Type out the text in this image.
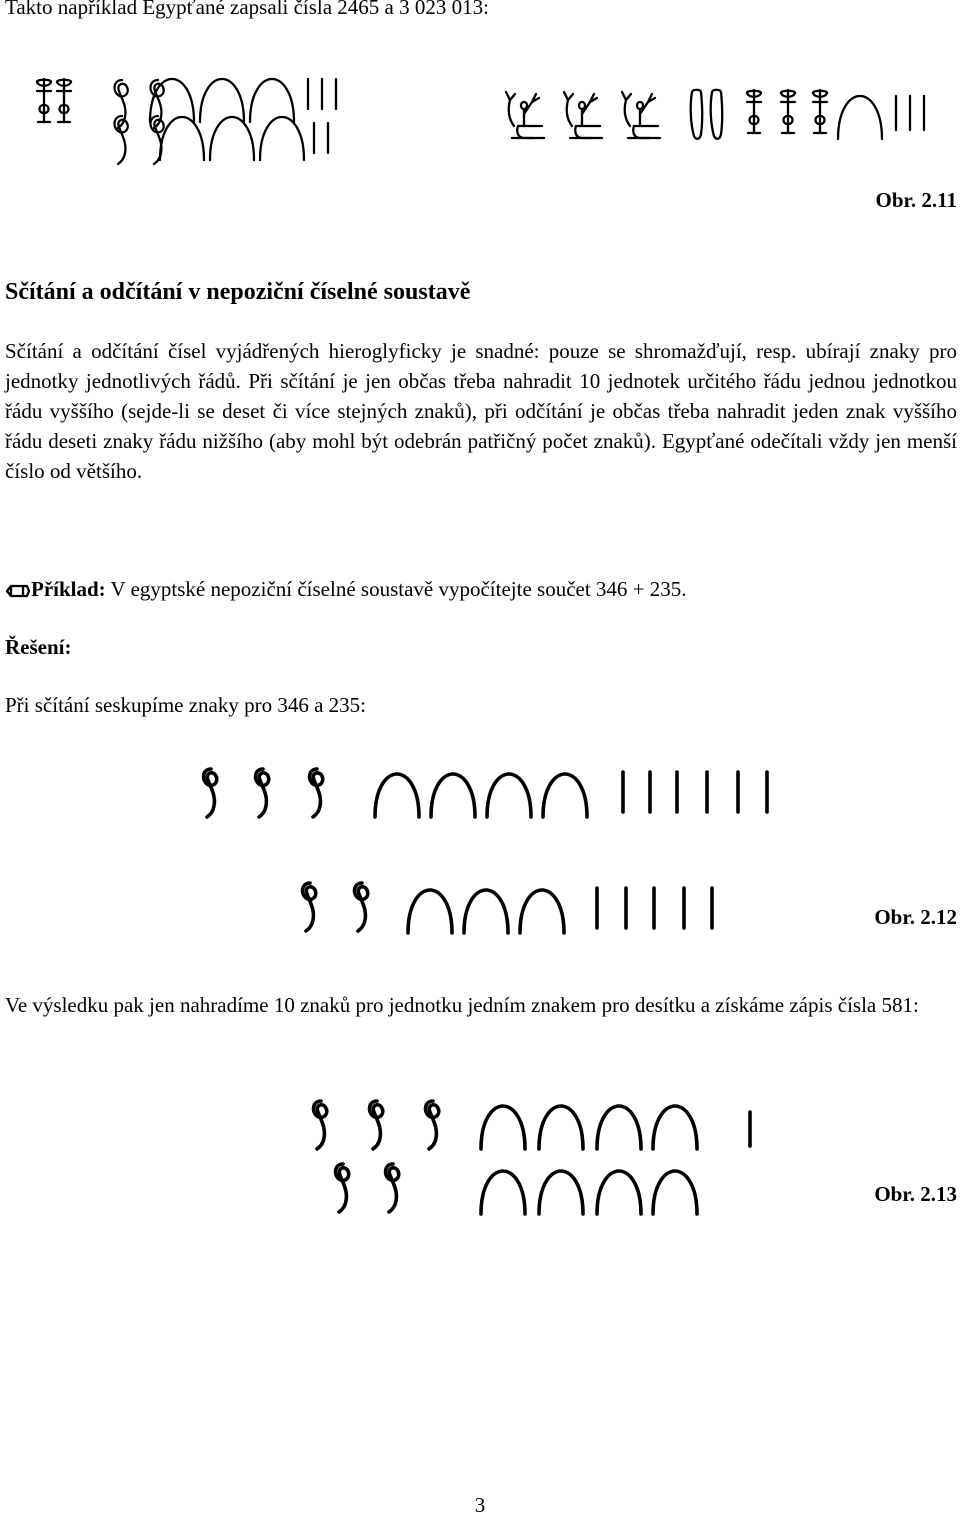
Takto například Egypťané zapsali čísla 2465 a 3 023 013:
Obr. 2.11
Sčítání a odčítání v nepoziční číselné soustavě
Sčítání a odčítání čísel vyjádřených hieroglyficky je snadné: pouze se shromažďují, resp. ubírají znaky pro jednotky jednotlivých řádů. Při sčítání je jen občas třeba nahradit 10 jednotek určitého řádu jednou jednotkou řádu vyššího (sejde-li se deset či více stejných znaků), při odčítání je občas třeba nahradit jeden znak vyššího řádu deseti znaky řádu nižšího (aby mohl být odebrán patřičný počet znaků). Egypťané odečítali vždy jen menší číslo od většího.
Příklad: V egyptské nepoziční číselné soustavě vypočítejte součet 346 + 235.
Řešení:
Při sčítání seskupíme znaky pro 346 a 235:
Obr. 2.12
Ve výsledku pak jen nahradíme 10 znaků pro jednotku jedním znakem pro desítku a získáme zápis čísla 581:
Obr. 2.13
3
